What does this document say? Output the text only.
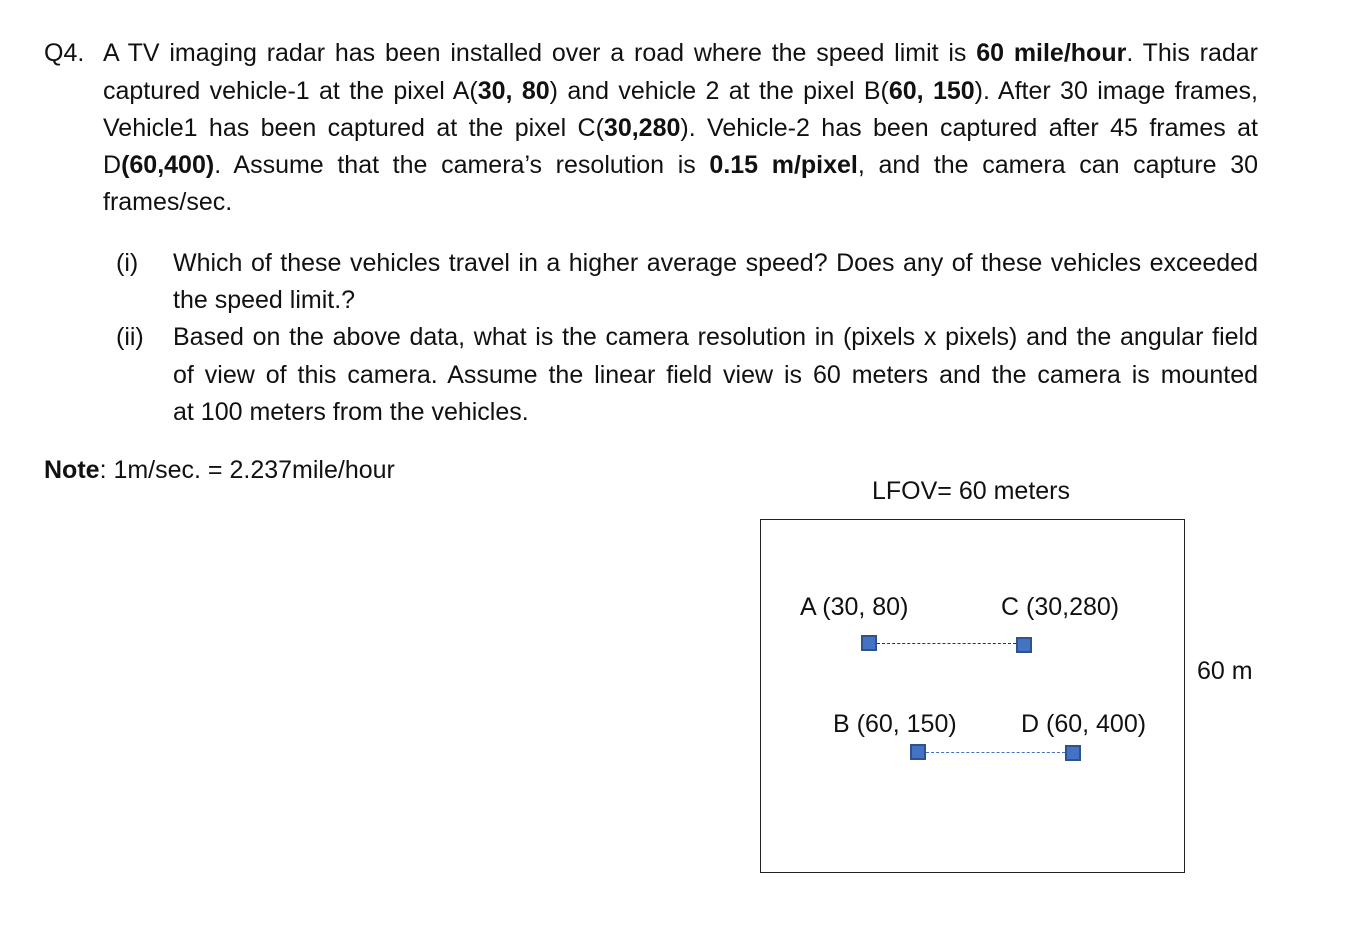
Q4. A TV imaging radar has been installed over a road where the speed limit is 60 mile/hour. This radar
captured vehicle-1 at the pixel A(30, 80) and vehicle 2 at the pixel B(60, 150). After 30 image frames,
Vehicle1 has been captured at the pixel C(30,280). Vehicle-2 has been captured after 45 frames at
D(60,400). Assume that the camera’s resolution is 0.15 m/pixel, and the camera can capture 30
frames/sec.
(i) Which of these vehicles travel in a higher average speed? Does any of these vehicles exceeded
the speed limit.?
(ii) Based on the above data, what is the camera resolution in (pixels x pixels) and the angular field
of view of this camera. Assume the linear field view is 60 meters and the camera is mounted
at 100 meters from the vehicles.
Note: 1m/sec. = 2.237mile/hour
LFOV= 60 meters
60 m
A (30, 80)	C (30,280)
B (60, 150)	D (60, 400)
